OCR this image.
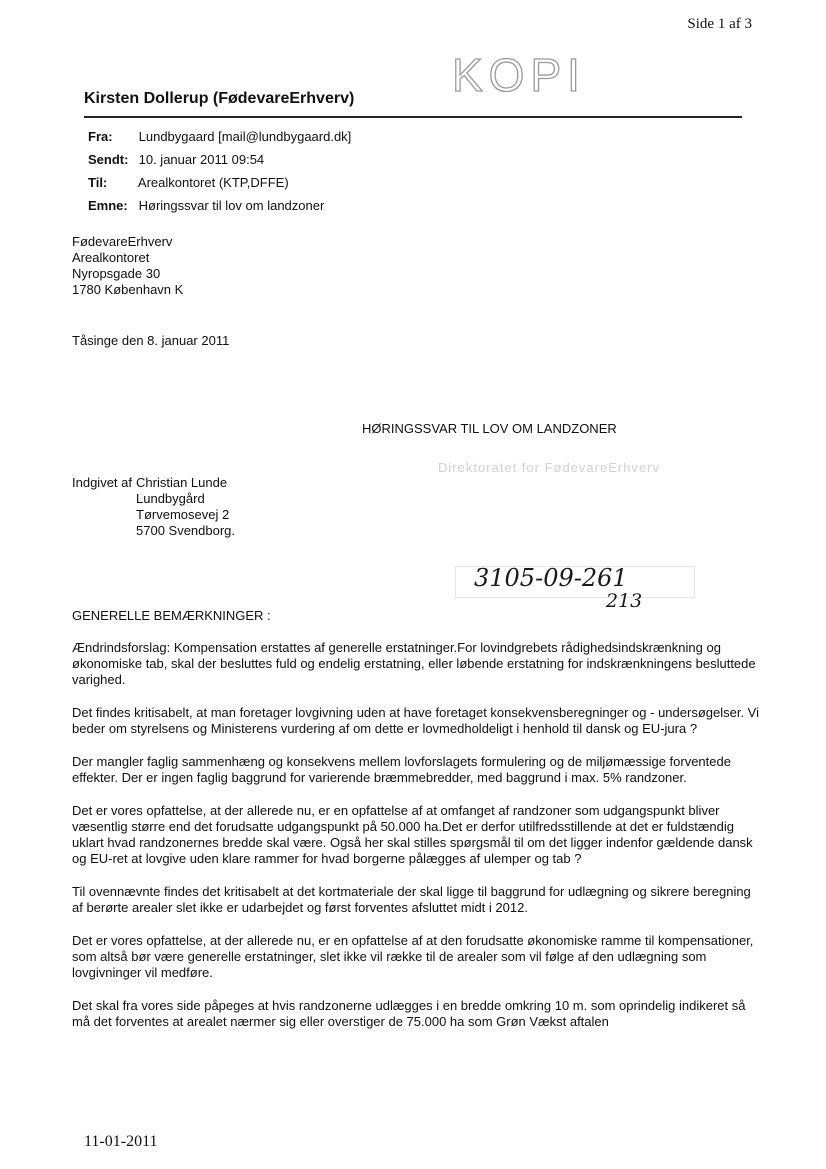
Side 1 af 3
KOPI
Kirsten Dollerup (FødevareErhverv)
Fra: Lundbygaard [mail@lundbygaard.dk]
Sendt: 10. januar 2011 09:54
Til: Arealkontoret (KTP,DFFE)
Emne: Høringssvar til lov om landzoner
FødevareErhverv
Arealkontoret
Nyropsgade 30
1780 København K
Tåsinge den 8. januar 2011
HØRINGSSVAR TIL LOV OM LANDZONER
Indgivet af Christian Lunde
Lundbygård
Tørvemosevej 2
5700 Svendborg.
Direktoratet for FødevareErhverv
3105-09-261
213
GENERELLE BEMÆRKNINGER :

Ændrindsforslag: Kompensation erstattes af generelle erstatninger.For lovindgrebets rådighedsindskrænkning og økonomiske tab, skal der besluttes fuld og endelig erstatning, eller løbende erstatning for indskrænkningens besluttede varighed.

Det findes kritisabelt, at man foretager lovgivning uden at have foretaget konsekvensberegninger og - undersøgelser. Vi beder om styrelsens og Ministerens vurdering af om dette er lovmedholdeligt i henhold til dansk og EU-jura ?

Der mangler faglig sammenhæng og konsekvens mellem lovforslagets formulering og de miljømæssige forventede effekter. Der er ingen faglig baggrund for varierende bræmmebredder, med baggrund i max. 5% randzoner.

Det er vores opfattelse, at der allerede nu, er en opfattelse af at omfanget af randzoner som udgangspunkt bliver væsentlig større end det forudsatte udgangspunkt på 50.000 ha.Det er derfor utilfredsstillende at det er fuldstændig uklart hvad randzonernes bredde skal være. Også her skal stilles spørgsmål til om det ligger indenfor gældende dansk og EU-ret at lovgive uden klare rammer for hvad borgerne pålægges af ulemper og tab ?

Til ovennævnte findes det kritisabelt at det kortmateriale der skal ligge til baggrund for udlægning og sikrere beregning af berørte arealer slet ikke er udarbejdet og først forventes afsluttet midt i 2012.

Det er vores opfattelse, at der allerede nu, er en opfattelse af at den forudsatte økonomiske ramme til kompensationer, som altså bør være generelle erstatninger, slet ikke vil række til de arealer som vil følge af den udlægning som lovgivninger vil medføre.

Det skal fra vores side påpeges at hvis randzonerne udlægges i en bredde omkring 10 m. som oprindelig indikeret så må det forventes at arealet nærmer sig eller overstiger de 75.000 ha som Grøn Vækst aftalen

11-01-2011
